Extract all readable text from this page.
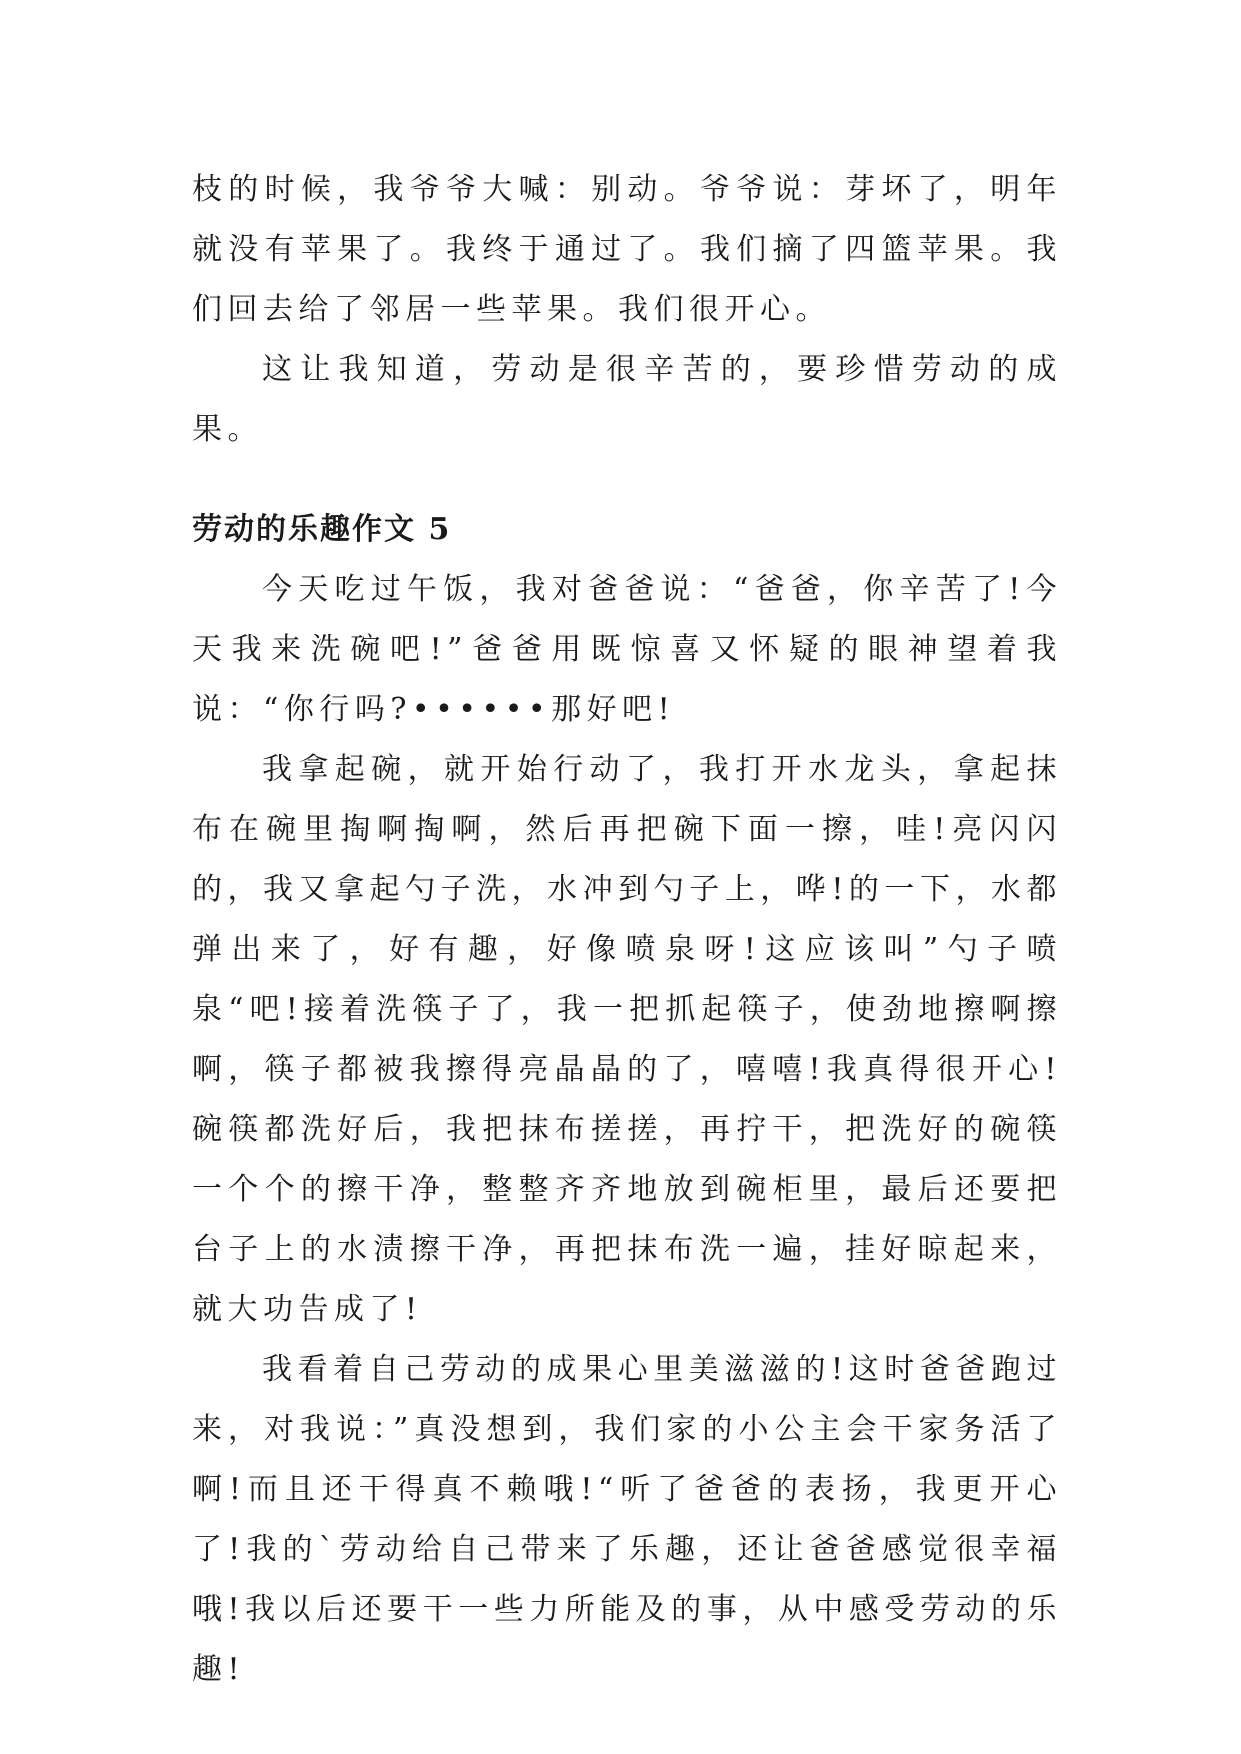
枝的时候，我爷爷大喊：别动。爷爷说：芽坏了，明年就没有苹果了。我终于通过了。我们摘了四篮苹果。我们回去给了邻居一些苹果。我们很开心。

这让我知道，劳动是很辛苦的，要珍惜劳动的成果。

劳动的乐趣作文 5

今天吃过午饭，我对爸爸说：“爸爸，你辛苦了!今天我来洗碗吧!”爸爸用既惊喜又怀疑的眼神望着我说：“你行吗?••••••那好吧!

我拿起碗，就开始行动了，我打开水龙头，拿起抹布在碗里掏啊掏啊，然后再把碗下面一擦，哇!亮闪闪的，我又拿起勺子洗，水冲到勺子上，哗!的一下，水都弹出来了，好有趣，好像喷泉呀!这应该叫”勺子喷泉“吧!接着洗筷子了，我一把抓起筷子，使劲地擦啊擦啊，筷子都被我擦得亮晶晶的了，嘻嘻!我真得很开心!碗筷都洗好后，我把抹布搓搓，再拧干，把洗好的碗筷一个个的擦干净，整整齐齐地放到碗柜里，最后还要把台子上的水渍擦干净，再把抹布洗一遍，挂好晾起来，就大功告成了!

我看着自己劳动的成果心里美滋滋的!这时爸爸跑过来，对我说：”真没想到，我们家的小公主会干家务活了啊!而且还干得真不赖哦!“听了爸爸的表扬，我更开心了!我的`劳动给自己带来了乐趣，还让爸爸感觉很幸福哦!我以后还要干一些力所能及的事，从中感受劳动的乐趣!
